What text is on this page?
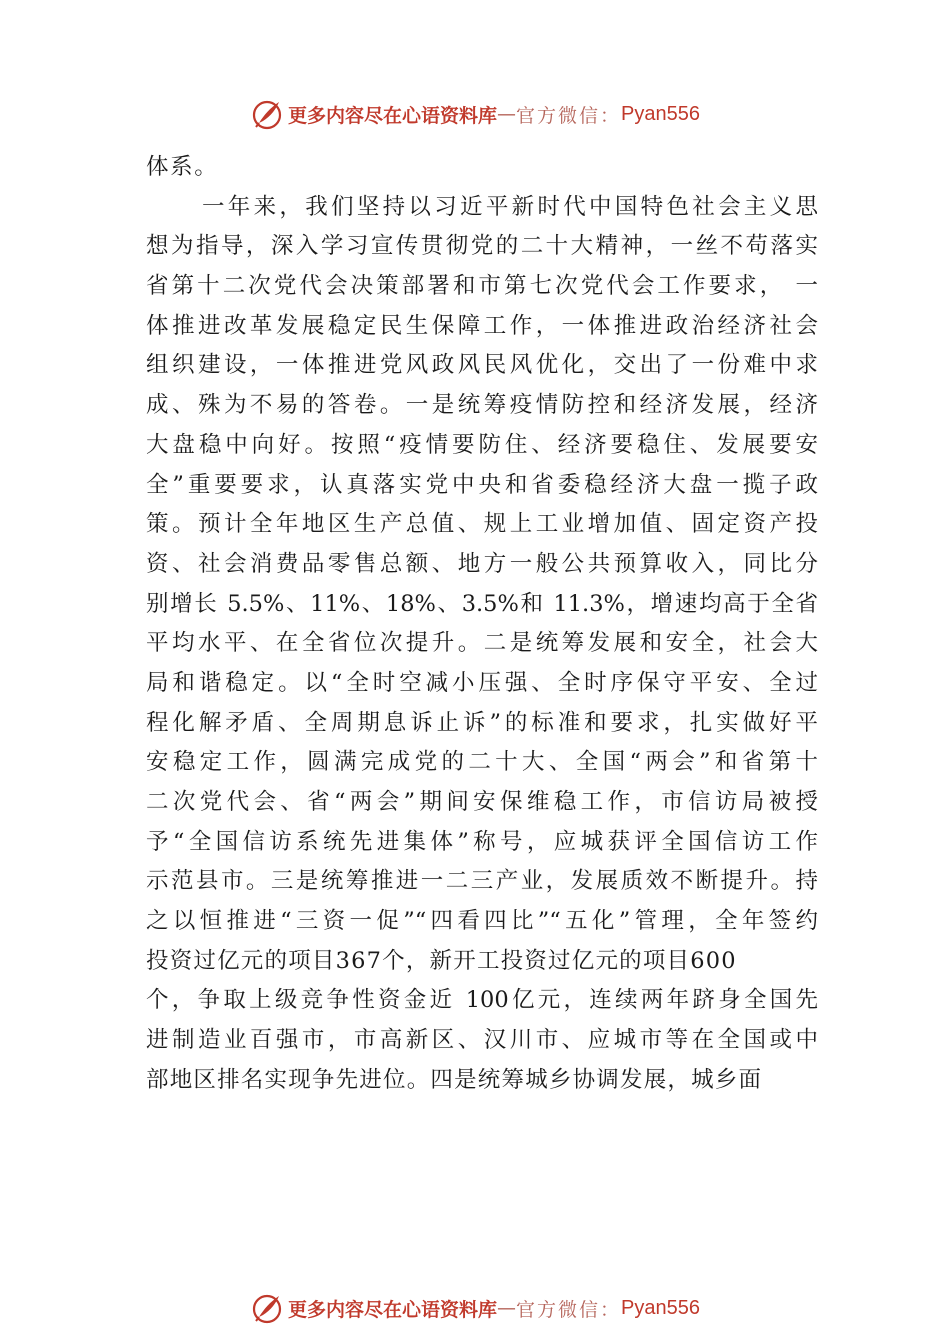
更多内容尽在心语资料库 — 官方微信： Pyan556
体系。
一年来，我们坚持以习近平新时代中国特色社会主义思
想为指导，深入学习宣传贯彻党的二十大精神，一丝不苟落实
省第十二次党代会决策部署和市第七次党代会工作要求， 一
体推进改革发展稳定民生保障工作，一体推进政治经济社会
组织建设，一体推进党风政风民风优化，交出了一份难中求
成、殊为不易的答卷。一是统筹疫情防控和经济发展，经济
大盘稳中向好。按照“疫情要防住、经济要稳住、发展要安
全”重要要求，认真落实党中央和省委稳经济大盘一揽子政
策。预计全年地区生产总值、规上工业增加值、固定资产投
资、社会消费品零售总额、地方一般公共预算收入，同比分
别增长 5.5%、11%、18%、3.5%和 11.3%，增速均高于全省
平均水平、在全省位次提升。二是统筹发展和安全，社会大
局和谐稳定。以“全时空减小压强、全时序保守平安、全过
程化解矛盾、全周期息诉止诉”的标准和要求，扎实做好平
安稳定工作，圆满完成党的二十大、全国“两会”和省第十
二次党代会、省“两会”期间安保维稳工作，市信访局被授
予“全国信访系统先进集体”称号，应城获评全国信访工作
示范县市。三是统筹推进一二三产业，发展质效不断提升。持
之以恒推进“三资一促”“四看四比”“五化”管理，全年签约
投资过亿元的项目367个，新开工投资过亿元的项目600
个，争取上级竞争性资金近 100亿元，连续两年跻身全国先
进制造业百强市，市高新区、汉川市、应城市等在全国或中
部地区排名实现争先进位。四是统筹城乡协调发展，城乡面
更多内容尽在心语资料库 — 官方微信： Pyan556
